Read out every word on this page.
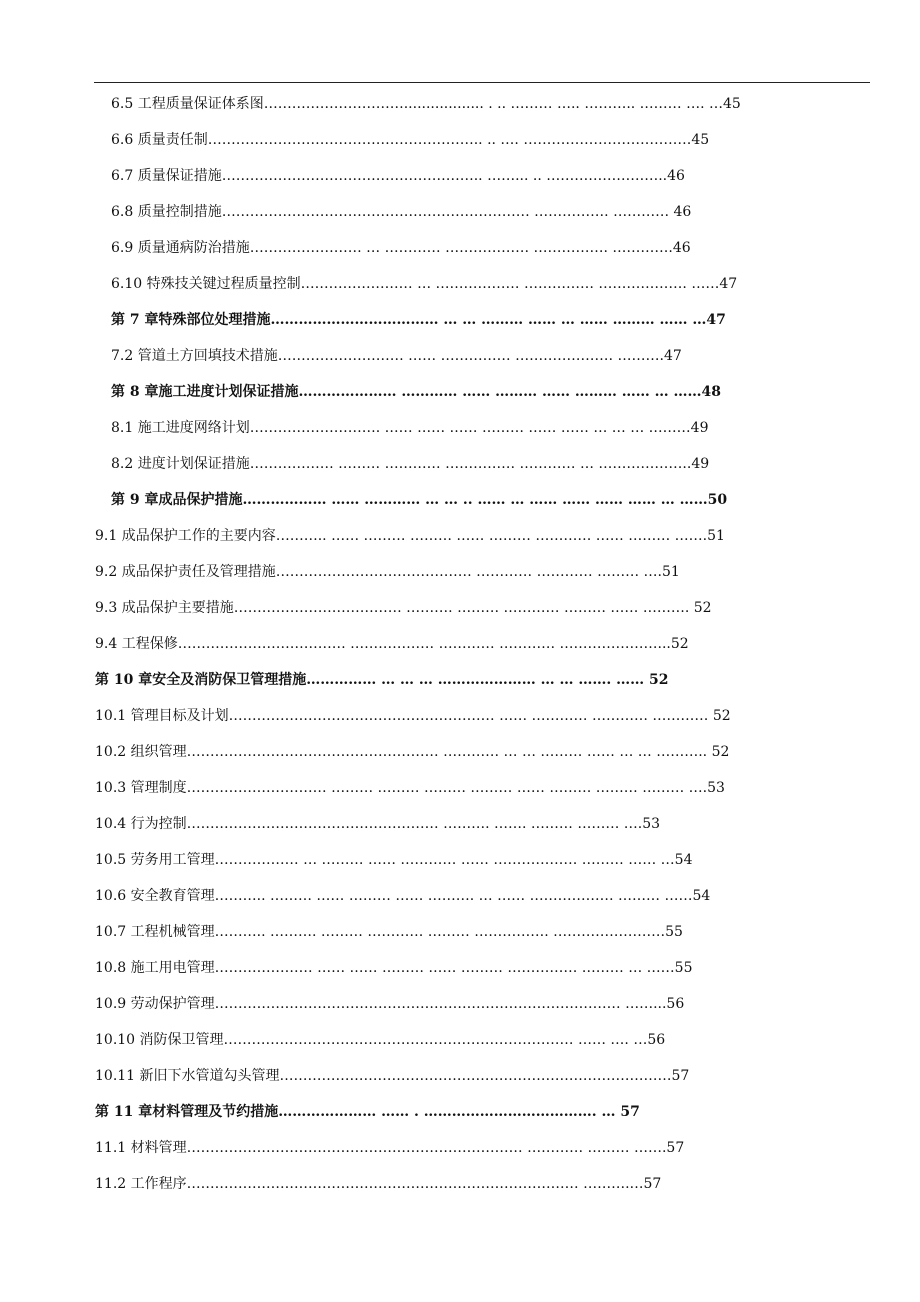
6.5 工程质量保证体系图………………………….................. . .. ……… ….. ……….. ……… …. …45
6.6 质量责任制………………………………………………….. .. …. ………………………………45
6.7 质量保证措施……………………………………………….. ……... .. ……………………..46
6.8 质量控制措施………………………………………………………… ……………. ………… 46
6.9 质量通病防治措施…………………… … ………… ……………… ……………. ………….46
6.10 特殊技关键过程质量控制…………………… … ……………… …………… ………………. ……47
第 7 章特殊部位处理措施……………………………… … … ……… …… … …… ……… …… …47
7.2 管道土方回填技术措施……………………… …… …………… ………………… ……….47
第 8 章施工进度计划保证措施………………… ………… …… ……… …… ……… …… … ……48
8.1 施工进度网络计划………………………. …… …… …… ……… …… …… … … … ………49
8.2 进度计划保证措施……………… ……… ………… …………… ………… … ………………..49
第 9 章成品保护措施……………… …… ………… … … .. …… … …… …… …… …… … ……50
9.1 成品保护工作的主要内容……….. …… ……… ……… …… ……… ………… …… ……… …….51
9.2 成品保护责任及管理措施…………………………………… ………… ………… ……… ….51
9.3 成品保护主要措施……………………………… ………. ……… ………… ……… …… ………. 52
9.4 工程保修……………………………… ……………… ………… ………… …………………...52
第 10 章安全及消防保卫管理措施…………… … … … ………………… … … ……. …… 52
10.1 管理目标及计划………………………………………………… …… ………… ………… ………… 52
10.2 组织管理……………………………………………… ………… … … ……… …… … … ……….. 52
10.3 管理制度………………………… ……… ……… ……… ……… …… ……… ……… ……… ….53
10.4 行为控制……………………………………………… ………. ……. ……… ……… ….53
10.5 劳务用工管理……………… … ……… …… ………… …… ……………… ……… …… …54
10.6 安全教育管理……….. ……… …… ……… …… ………. … …… ……………… ……… ……54
10.7 工程机械管理……….. ………. ……… ………… ……… ……………. ……………………55
10.8 施工用电管理………………… …… …… ……… …… ……… …………… ……… … ……55
10.9 劳动保护管理…………………………………………………………………………… ……...56
10.10 消防保卫管理………………………………………………………………… …… …. …56
10.11 新旧下水管道勾头管理…………………………………………………………………………57
第 11 章材料管理及节约措施………………… …… . ………………………………. … 57
11.1 材料管理……………………………………………………………… ………… ……… …….57
11.2 工作程序………………………………………………………………………… ……….…57
